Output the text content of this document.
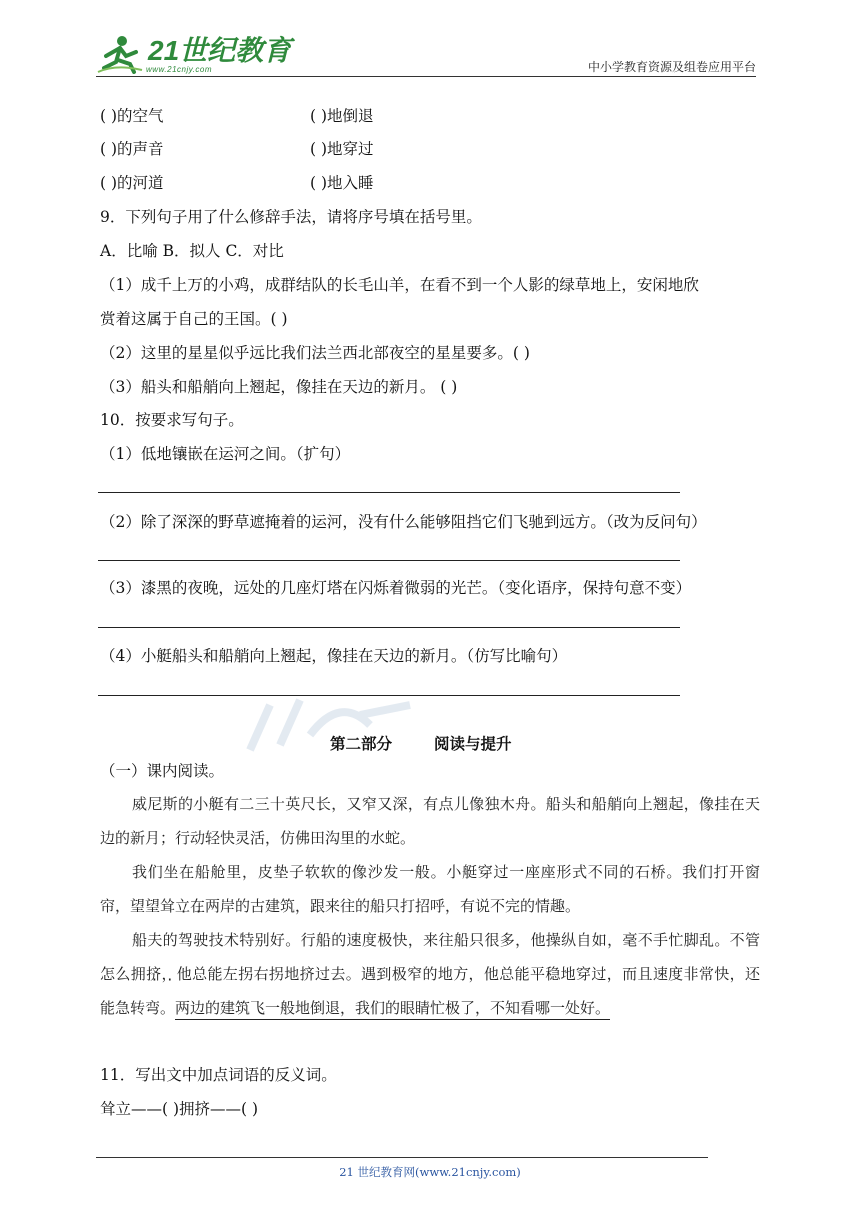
21世纪教育
www.21cnjy.com	中小学教育资源及组卷应用平台
( )的空气	( )地倒退
( )的声音	( )地穿过
( )的河道	( )地入睡
9．下列句子用了什么修辞手法，请将序号填在括号里。
A．比喻 B．拟人 C．对比
（1）成千上万的小鸡，成群结队的长毛山羊，在看不到一个人影的绿草地上，安闲地欣
赏着这属于自己的王国。( )
（2）这里的星星似乎远比我们法兰西北部夜空的星星要多。( )
（3）船头和船艄向上翘起，像挂在天边的新月。 ( )
10．按要求写句子。
（1）低地镶嵌在运河之间。（扩句）
（2）除了深深的野草遮掩着的运河，没有什么能够阻挡它们飞驰到远方。（改为反问句）
（3）漆黑的夜晚，远处的几座灯塔在闪烁着微弱的光芒。（变化语序，保持句意不变）
（4）小艇船头和船艄向上翘起，像挂在天边的新月。（仿写比喻句）
第二部分	阅读与提升
（一）课内阅读。

威尼斯的小艇有二三十英尺长，又窄又深，有点儿像独木舟。船头和船艄向上翘起，像挂在天边的新月；行动轻快灵活，仿佛田沟里的水蛇。

我们坐在船舱里，皮垫子软软的像沙发一般。小艇穿过一座座形式不同的石桥。我们打开窗帘，望望耸立在两岸的古建筑，跟来往的船只打招呼，有说不完的情趣。

船夫的驾驶技术特别好。行船的速度极快，来往船只很多，他操纵自如，毫不手忙脚乱。不管怎么拥挤，他总能左拐右拐地挤过去。遇到极窄的地方，他总能平稳地穿过，而且速度非常快，还能急转弯。两边的建筑飞一般地倒退，我们的眼睛忙极了，不知看哪一处好。

11．写出文中加点词语的反义词。
耸立——( )拥挤——( )
21 世纪教育网(www.21cnjy.com)
